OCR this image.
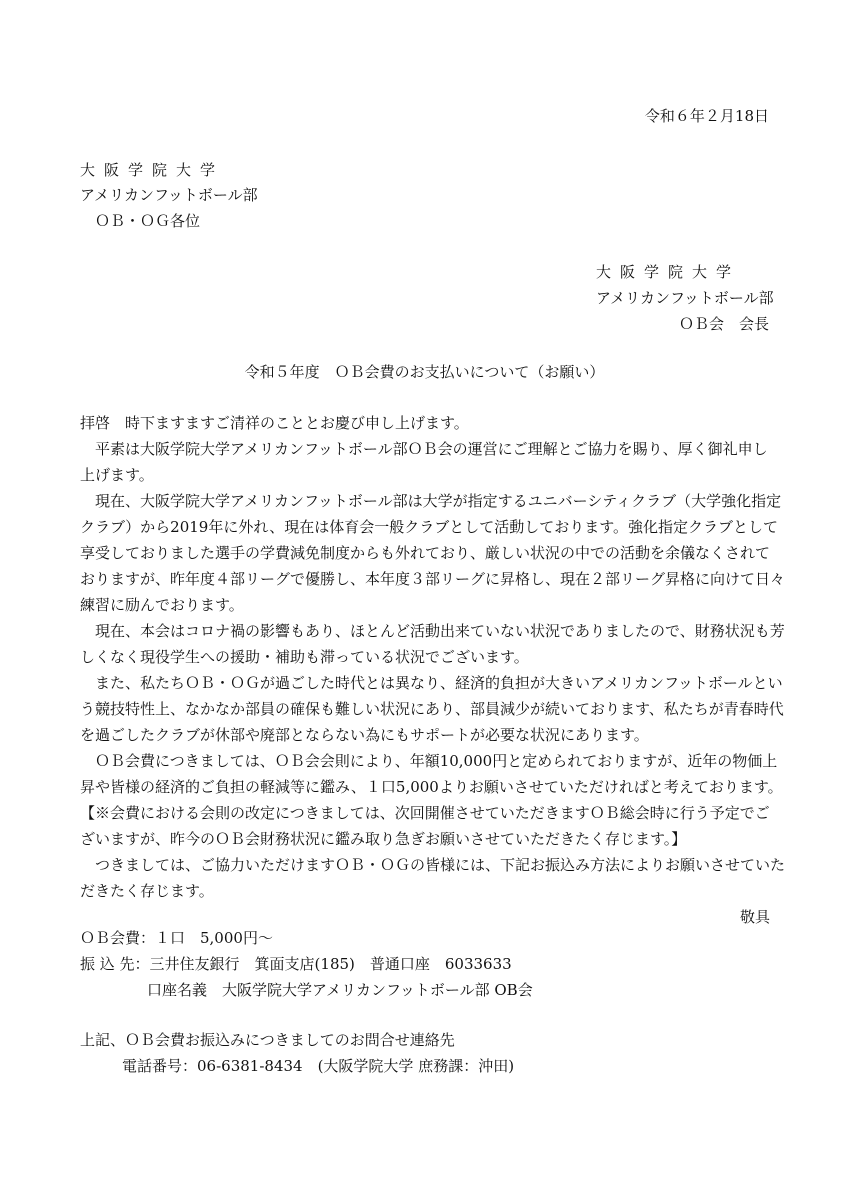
令和６年２月18日
大阪学院大学
アメリカンフットボール部
ＯＢ・ＯＧ各位
大阪学院大学
アメリカンフットボール部
ＯＢ会　会長
令和５年度　ＯＢ会費のお支払いについて（お願い）
拝啓　時下ますますご清祥のこととお慶び申し上げます。
平素は大阪学院大学アメリカンフットボール部ＯＢ会の運営にご理解とご協力を賜り、厚く御礼申し
上げます。
現在、大阪学院大学アメリカンフットボール部は大学が指定するユニバーシティクラブ（大学強化指定
クラブ）から2019年に外れ、現在は体育会一般クラブとして活動しております。強化指定クラブとして
享受しておりました選手の学費減免制度からも外れており、厳しい状況の中での活動を余儀なくされて
おりますが、昨年度４部リーグで優勝し、本年度３部リーグに昇格し、現在２部リーグ昇格に向けて日々
練習に励んでおります。
現在、本会はコロナ禍の影響もあり、ほとんど活動出来ていない状況でありましたので、財務状況も芳
しくなく現役学生への援助・補助も滞っている状況でございます。
また、私たちＯＢ・ＯＧが過ごした時代とは異なり、経済的負担が大きいアメリカンフットボールとい
う競技特性上、なかなか部員の確保も難しい状況にあり、部員減少が続いております、私たちが青春時代
を過ごしたクラブが休部や廃部とならない為にもサポートが必要な状況にあります。
ＯＢ会費につきましては、ＯＢ会会則により、年額10,000円と定められておりますが、近年の物価上
昇や皆様の経済的ご負担の軽減等に鑑み、１口5,000よりお願いさせていただければと考えております。
【※会費における会則の改定につきましては、次回開催させていただきますＯＢ総会時に行う予定でご
ざいますが、昨今のＯＢ会財務状況に鑑み取り急ぎお願いさせていただきたく存じます。】
つきましては、ご協力いただけますＯＢ・ＯＧの皆様には、下記お振込み方法によりお願いさせていた
だきたく存じます。
敬具
ＯＢ会費：１口　5,000円～
振 込 先：三井住友銀行　箕面支店(185)　普通口座　6033633
口座名義　大阪学院大学アメリカンフットボール部 OB会
上記、ＯＢ会費お振込みにつきましてのお問合せ連絡先
電話番号：06-6381-8434　(大阪学院大学 庶務課：沖田)
